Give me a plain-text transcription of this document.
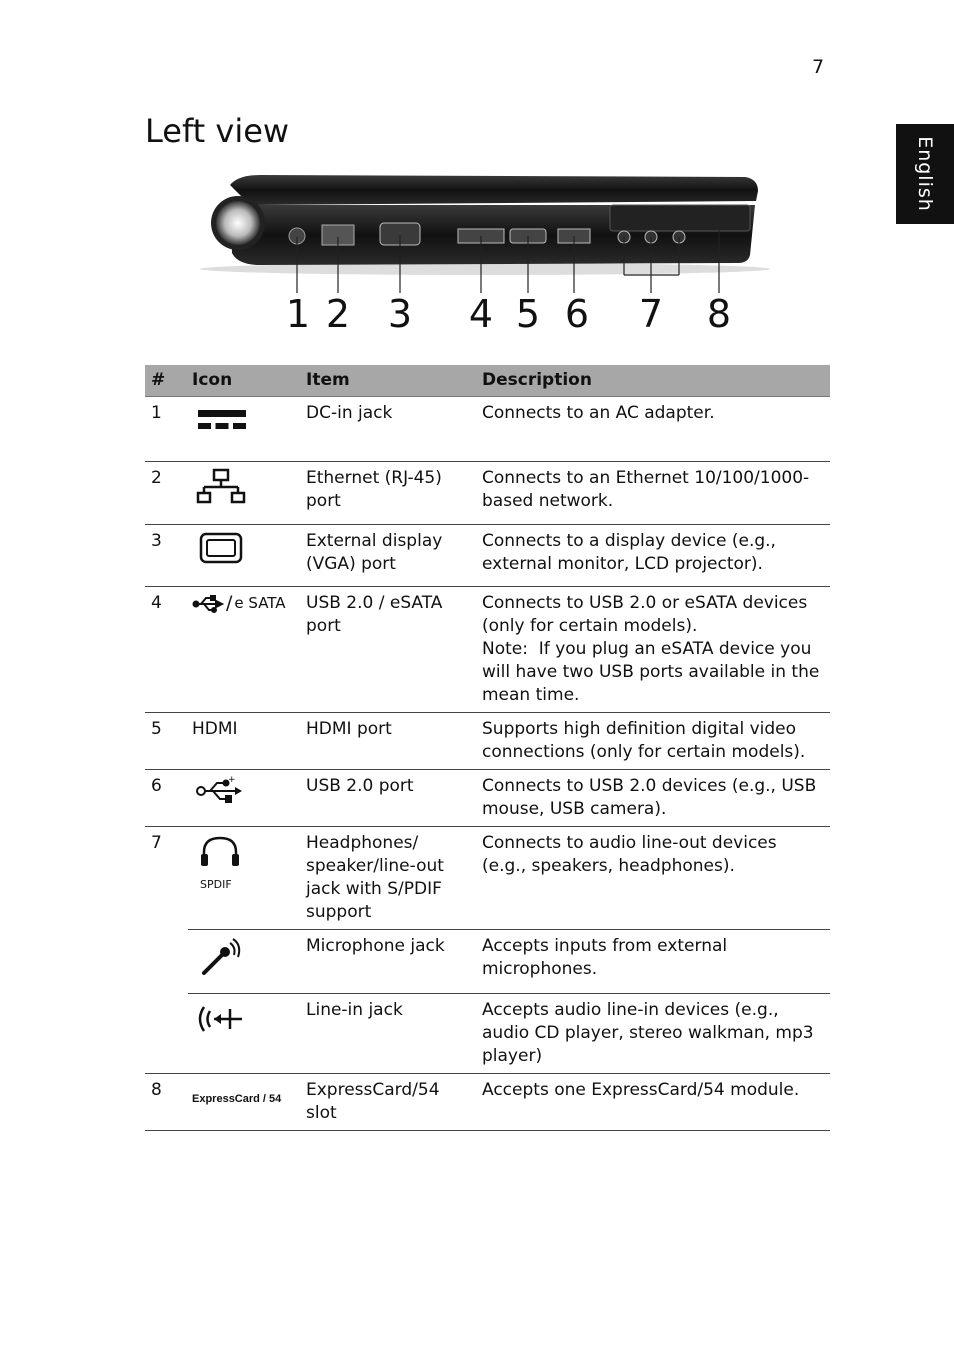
7
English
Left view
1 2 3 4 5 6 7 8
#	Icon	Item	Description
1		DC-in jack	Connects to an AC adapter.
2		Ethernet (RJ-45) port	Connects to an Ethernet 10/100/1000-based network.
3		External display (VGA) port	Connects to a display device (e.g., external monitor, LCD projector).
4	/ e SATA	USB 2.0 / eSATA port	Connects to USB 2.0 or eSATA devices (only for certain models).
Note: If you plug an eSATA device you will have two USB ports available in the mean time.
5	HDMI	HDMI port	Supports high definition digital video connections (only for certain models).
6	+	USB 2.0 port	Connects to USB 2.0 devices (e.g., USB mouse, USB camera).
7	SPDIF	Headphones/ speaker/line-out jack with S/PDIF support	Connects to audio line-out devices (e.g., speakers, headphones).
		Microphone jack	Accepts inputs from external microphones.
		Line-in jack	Accepts audio line-in devices (e.g., audio CD player, stereo walkman, mp3 player)
8	ExpressCard / 54	ExpressCard/54 slot	Accepts one ExpressCard/54 module.
